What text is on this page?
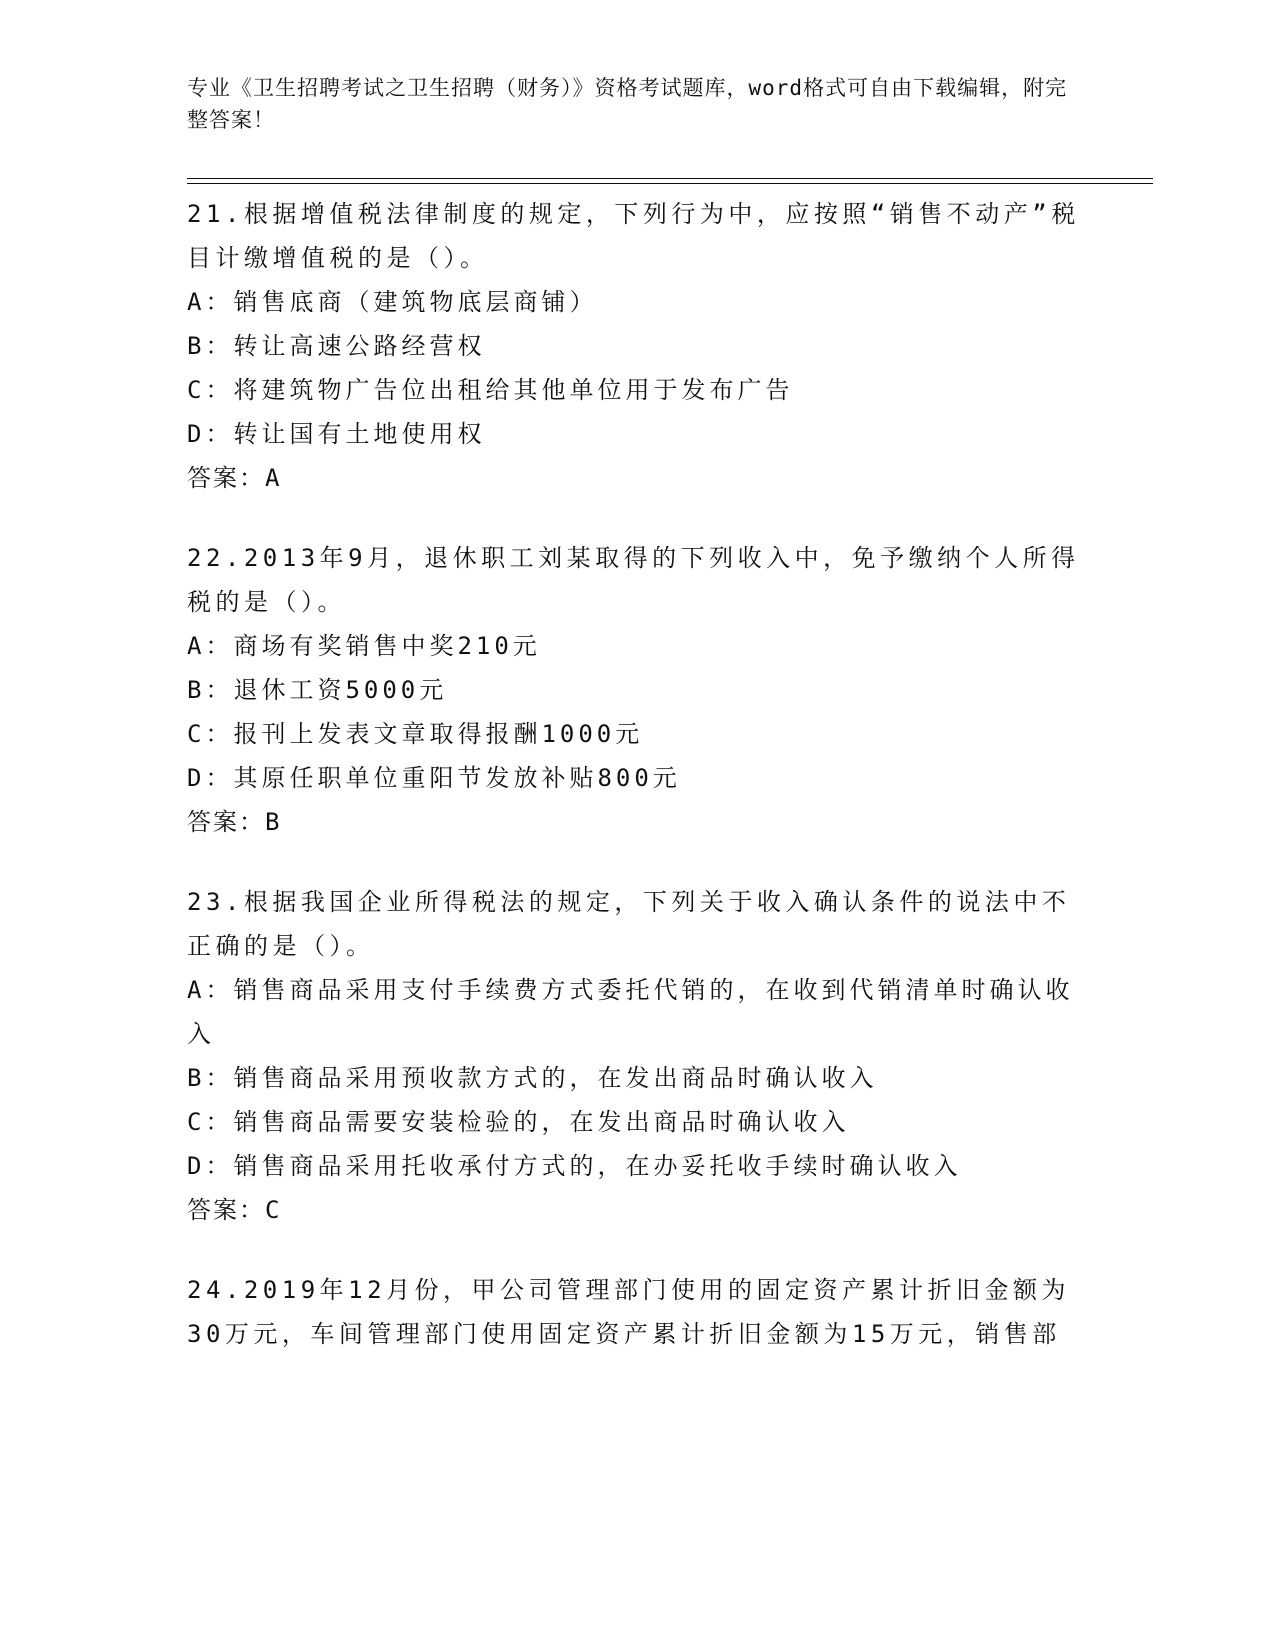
专业《卫生招聘考试之卫生招聘（财务）》资格考试题库，word格式可自由下载编辑，附完整答案！
21.根据增值税法律制度的规定，下列行为中，应按照“销售不动产”税目计缴增值税的是（）。
A：销售底商（建筑物底层商铺）
B：转让高速公路经营权
C：将建筑物广告位出租给其他单位用于发布广告
D：转让国有土地使用权
答案：A
22.2013年9月，退休职工刘某取得的下列收入中，免予缴纳个人所得税的是（）。
A：商场有奖销售中奖210元
B：退休工资5000元
C：报刊上发表文章取得报酬1000元
D：其原任职单位重阳节发放补贴800元
答案：B
23.根据我国企业所得税法的规定，下列关于收入确认条件的说法中不正确的是（）。
A：销售商品采用支付手续费方式委托代销的，在收到代销清单时确认收入
B：销售商品采用预收款方式的，在发出商品时确认收入
C：销售商品需要安装检验的，在发出商品时确认收入
D：销售商品采用托收承付方式的，在办妥托收手续时确认收入
答案：C
24.2019年12月份，甲公司管理部门使用的固定资产累计折旧金额为30万元，车间管理部门使用固定资产累计折旧金额为15万元，销售部
